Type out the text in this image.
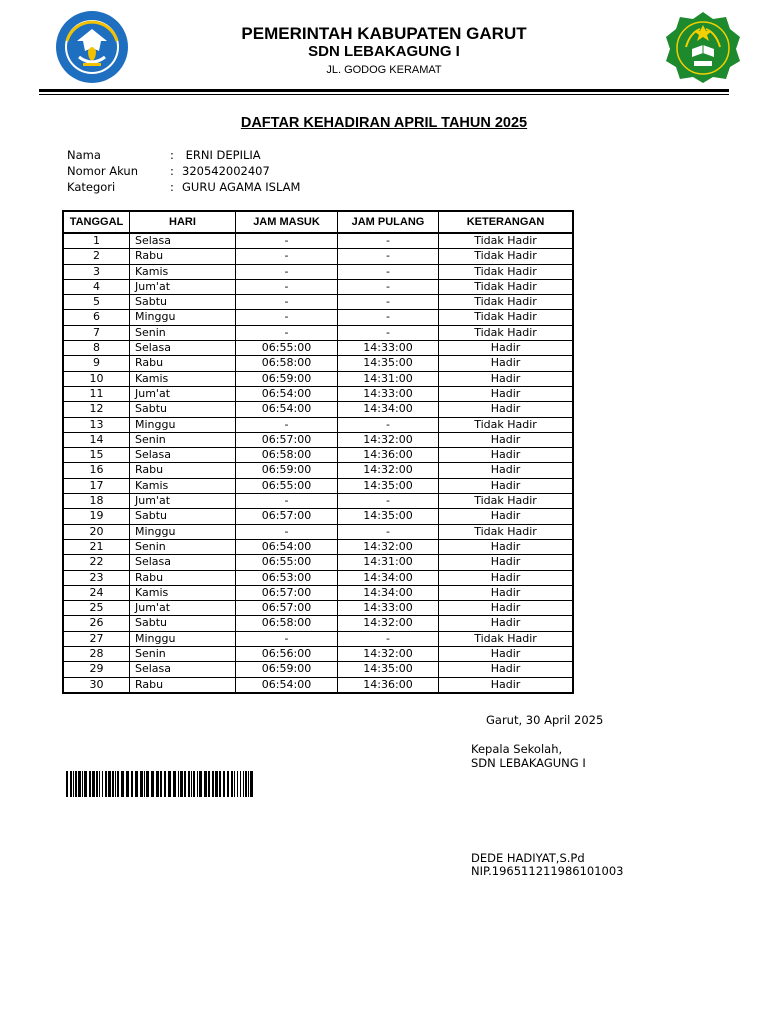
PEMERINTAH KABUPATEN GARUT
SDN LEBAKAGUNG I
JL. GODOG KERAMAT
DAFTAR KEHADIRAN APRIL TAHUN 2025
Nama	: ERNI DEPILIA
Nomor Akun	: 320542002407
Kategori	: GURU AGAMA ISLAM
TANGGAL	HARI	JAM MASUK	JAM PULANG	KETERANGAN
1	Selasa	-	-	Tidak Hadir
2	Rabu	-	-	Tidak Hadir
3	Kamis	-	-	Tidak Hadir
4	Jum'at	-	-	Tidak Hadir
5	Sabtu	-	-	Tidak Hadir
6	Minggu	-	-	Tidak Hadir
7	Senin	-	-	Tidak Hadir
8	Selasa	06:55:00	14:33:00	Hadir
9	Rabu	06:58:00	14:35:00	Hadir
10	Kamis	06:59:00	14:31:00	Hadir
11	Jum'at	06:54:00	14:33:00	Hadir
12	Sabtu	06:54:00	14:34:00	Hadir
13	Minggu	-	-	Tidak Hadir
14	Senin	06:57:00	14:32:00	Hadir
15	Selasa	06:58:00	14:36:00	Hadir
16	Rabu	06:59:00	14:32:00	Hadir
17	Kamis	06:55:00	14:35:00	Hadir
18	Jum'at	-	-	Tidak Hadir
19	Sabtu	06:57:00	14:35:00	Hadir
20	Minggu	-	-	Tidak Hadir
21	Senin	06:54:00	14:32:00	Hadir
22	Selasa	06:55:00	14:31:00	Hadir
23	Rabu	06:53:00	14:34:00	Hadir
24	Kamis	06:57:00	14:34:00	Hadir
25	Jum'at	06:57:00	14:33:00	Hadir
26	Sabtu	06:58:00	14:32:00	Hadir
27	Minggu	-	-	Tidak Hadir
28	Senin	06:56:00	14:32:00	Hadir
29	Selasa	06:59:00	14:35:00	Hadir
30	Rabu	06:54:00	14:36:00	Hadir
Garut, 30 April 2025
Kepala Sekolah,
SDN LEBAKAGUNG I
DEDE HADIYAT,S.Pd
NIP.196511211986101003
